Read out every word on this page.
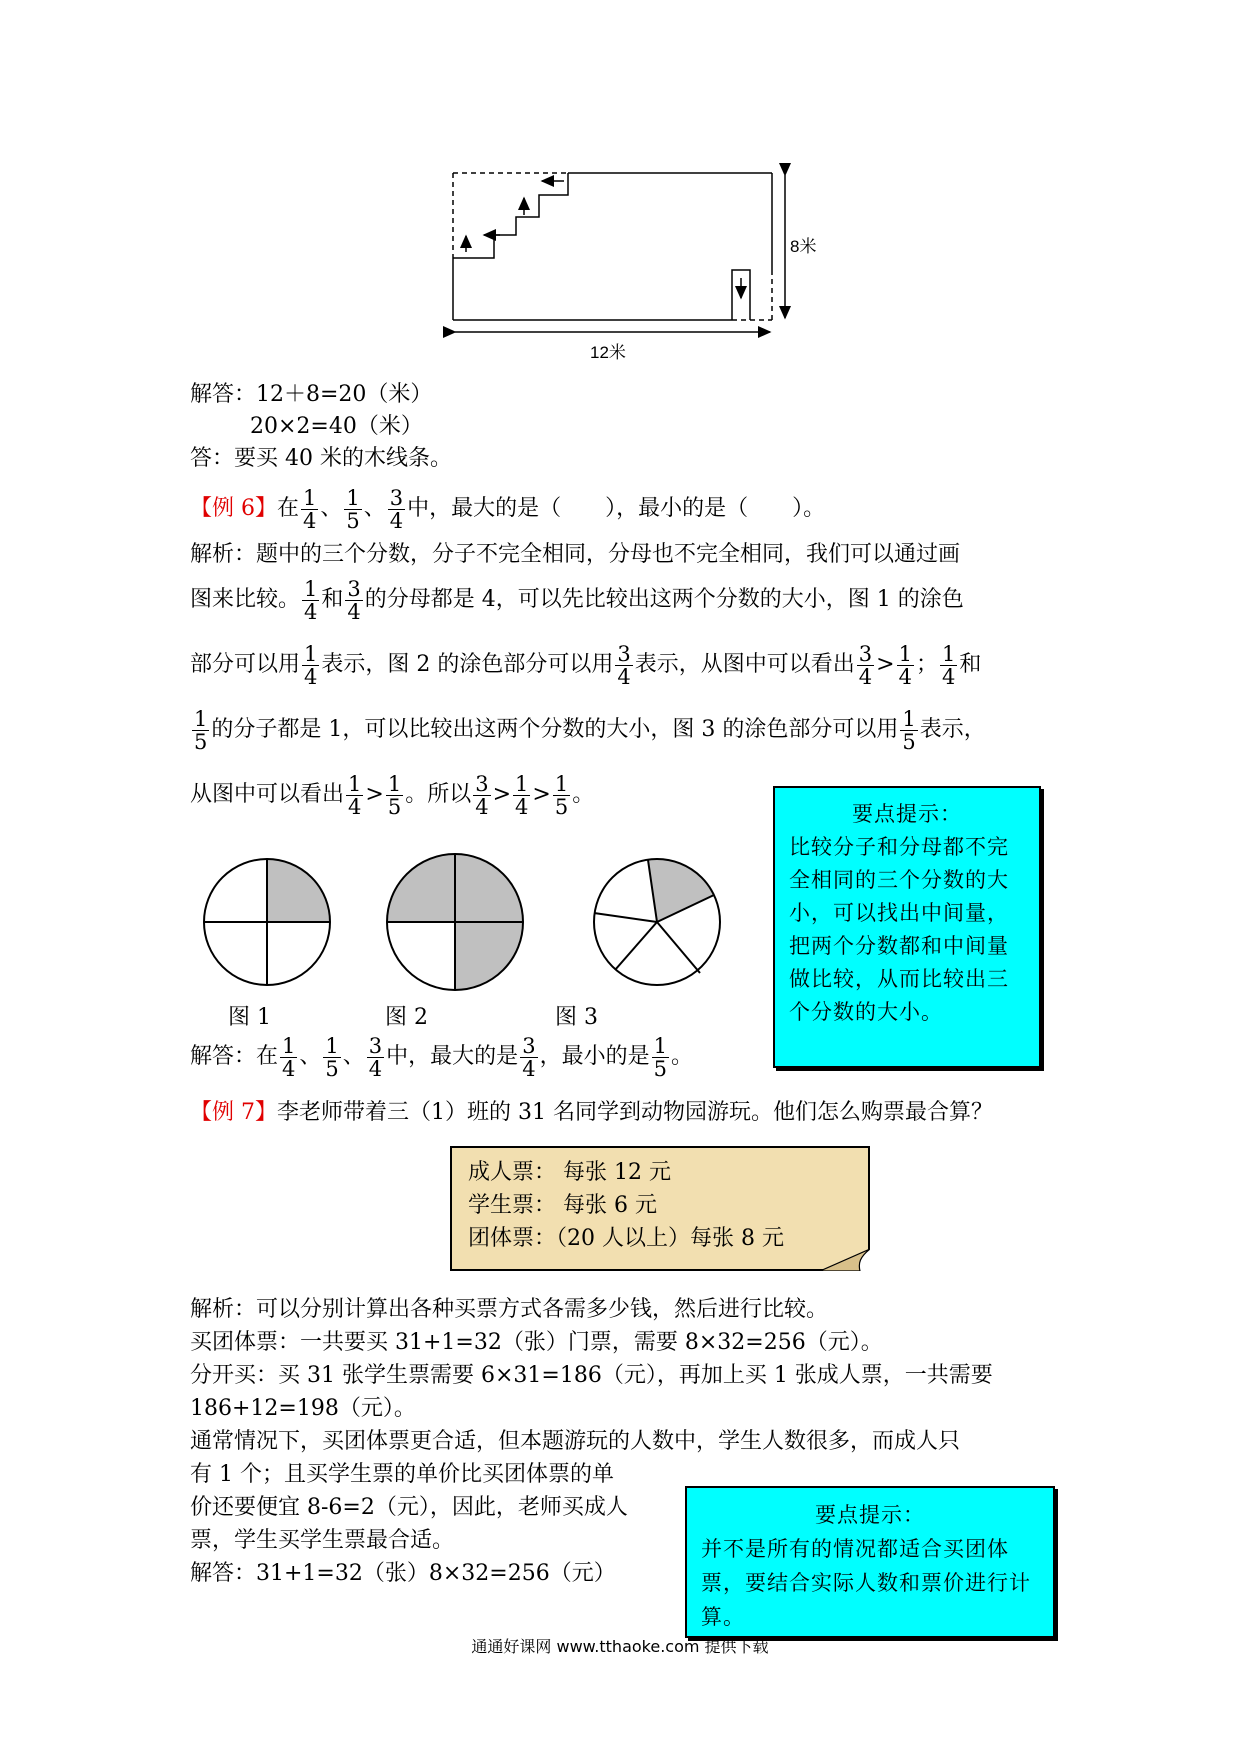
8米
12米
解答：12＋8=20（米）
20×2=40（米）
答：要买 40 米的木线条。
【例 6】在 $\frac{1}{4}$ 、 $\frac{1}{5}$ 、 $\frac{3}{4}$ 中，最大的是（　　），最小的是（　　）。
解析：题中的三个分数，分子不完全相同，分母也不完全相同，我们可以通过画
图来比较。 $\frac{1}{4}$ 和 $\frac{3}{4}$ 的分母都是 4，可以先比较出这两个分数的大小，图 1 的涂色
部分可以用 $\frac{1}{4}$ 表示，图 2 的涂色部分可以用 $\frac{3}{4}$ 表示，从图中可以看出 $\frac{3}{4} > \frac{1}{4}$ ； $\frac{1}{4}$ 和
$\frac{1}{5}$ 的分子都是 1，可以比较出这两个分数的大小，图 3 的涂色部分可以用 $\frac{1}{5}$ 表示，
从图中可以看出 $\frac{1}{4} > \frac{1}{5}$ 。所以 $\frac{3}{4} > \frac{1}{4} > \frac{1}{5}$ 。
图 1	图 2	图 3
解答：在 $\frac{1}{4}$ 、 $\frac{1}{5}$ 、 $\frac{3}{4}$ 中，最大的是 $\frac{3}{4}$ ，最小的是 $\frac{1}{5}$ 。
要点提示：
比较分子和分母都不完全相同的三个分数的大小，可以找出中间量，把两个分数都和中间量做比较，从而比较出三个分数的大小。
【例 7】李老师带着三（1）班的 31 名同学到动物园游玩。他们怎么购票最合算？
成人票： 每张 12 元
学生票： 每张 6 元
团体票：（20 人以上）每张 8 元
解析：可以分别计算出各种买票方式各需多少钱，然后进行比较。
买团体票：一共要买 31+1=32（张）门票，需要 8×32=256（元）。
分开买：买 31 张学生票需要 6×31=186（元），再加上买 1 张成人票，一共需要
186+12=198（元）。
通常情况下，买团体票更合适，但本题游玩的人数中，学生人数很多，而成人只
有 1 个；且买学生票的单价比买团体票的单
价还要便宜 8-6=2（元），因此，老师买成人
票，学生买学生票最合适。
解答：31+1=32（张）8×32=256（元）
要点提示：
并不是所有的情况都适合买团体票，要结合实际人数和票价进行计算。
通通好课网 www.tthaoke.com 提供下载
